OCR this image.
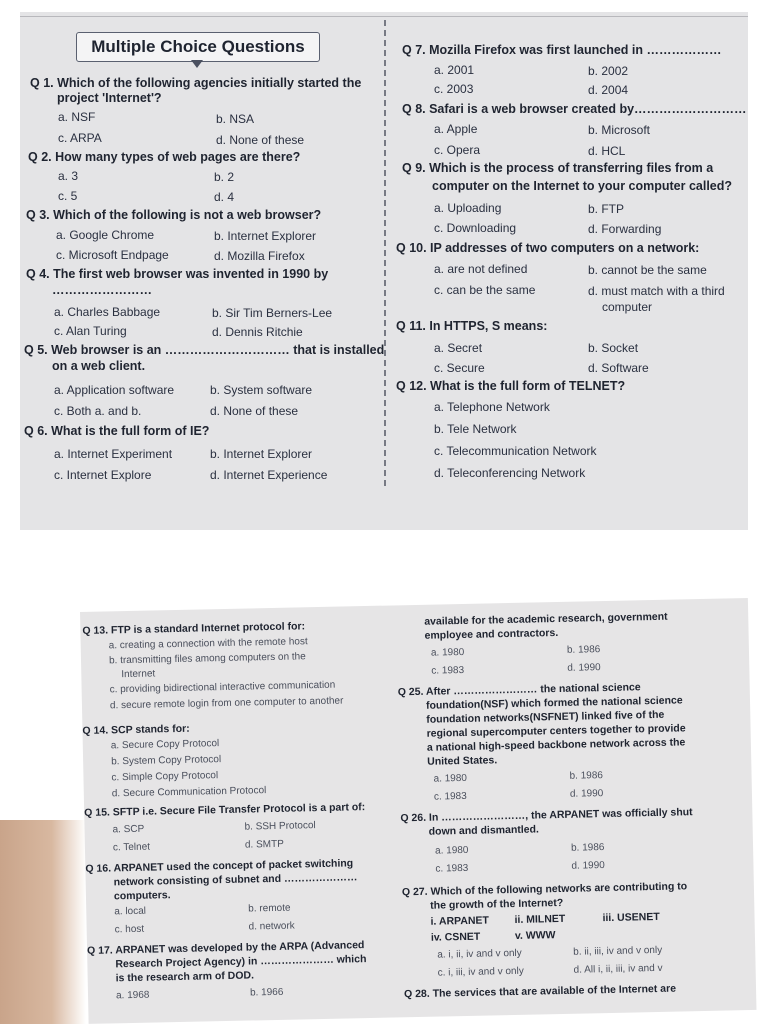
Multiple Choice Questions
Q 1. Which of the following agencies initially started the
project 'Internet'?
a. NSF	b. NSA
c. ARPA	d. None of these
Q 2. How many types of web pages are there?
a. 3	b. 2
c. 5	d. 4
Q 3. Which of the following is not a web browser?
a. Google Chrome	b. Internet Explorer
c. Microsoft Endpage	d. Mozilla Firefox
Q 4. The first web browser was invented in 1990 by
……………………
a. Charles Babbage	b. Sir Tim Berners-Lee
c. Alan Turing	d. Dennis Ritchie
Q 5. Web browser is an ………………………… that is installed
on a web client.
a. Application software	b. System software
c. Both a. and b.	d. None of these
Q 6. What is the full form of IE?
a. Internet Experiment	b. Internet Explorer
c. Internet Explore	d. Internet Experience
Q 7. Mozilla Firefox was first launched in ………………
a. 2001	b. 2002
c. 2003	d. 2004
Q 8. Safari is a web browser created by………………………
a. Apple	b. Microsoft
c. Opera	d. HCL
Q 9. Which is the process of transferring files from a
computer on the Internet to your computer called?
a. Uploading	b. FTP
c. Downloading	d. Forwarding
Q 10. IP addresses of two computers on a network:
a. are not defined	b. cannot be the same
c. can be the same	d. must match with a third
computer
Q 11. In HTTPS, S means:
a. Secret	b. Socket
c. Secure	d. Software
Q 12. What is the full form of TELNET?
a. Telephone Network
b. Tele Network
c. Telecommunication Network
d. Teleconferencing Network
Q 13. FTP is a standard Internet protocol for:
a. creating a connection with the remote host
b. transmitting files among computers on the
Internet
c. providing bidirectional interactive communication
d. secure remote login from one computer to another
Q 14. SCP stands for:
a. Secure Copy Protocol
b. System Copy Protocol
c. Simple Copy Protocol
d. Secure Communication Protocol
Q 15. SFTP i.e. Secure File Transfer Protocol is a part of:
a. SCP	b. SSH Protocol
c. Telnet	d. SMTP
Q 16. ARPANET used the concept of packet switching
network consisting of subnet and …………………
computers.
a. local	b. remote
c. host	d. network
Q 17. ARPANET was developed by the ARPA (Advanced
Research Project Agency) in ………………… which
is the research arm of DOD.
a. 1968	b. 1966
available for the academic research, government
employee and contractors.
a. 1980	b. 1986
c. 1983	d. 1990
Q 25. After …………………… the national science
foundation(NSF) which formed the national science
foundation networks(NSFNET) linked five of the
regional supercomputer centers together to provide
a national high-speed backbone network across the
United States.
a. 1980	b. 1986
c. 1983	d. 1990
Q 26. In ……………………, the ARPANET was officially shut
down and dismantled.
a. 1980	b. 1986
c. 1983	d. 1990
Q 27. Which of the following networks are contributing to
the growth of the Internet?
i. ARPANET ii. MILNET	iii. USENET
iv. CSNET	v. WWW
a. i, ii, iv and v only	b. ii, iii, iv and v only
c. i, iii, iv and v only	d. All i, ii, iii, iv and v
Q 28. The services that are available of the Internet are
